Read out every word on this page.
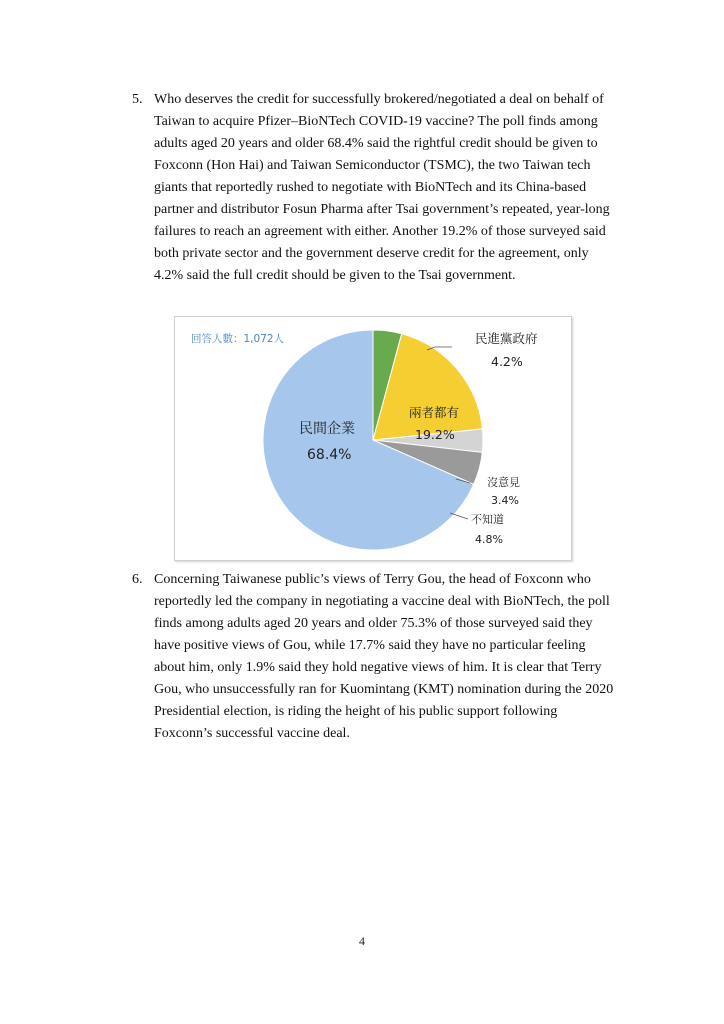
5. Who deserves the credit for successfully brokered/negotiated a deal on behalf of Taiwan to acquire Pfizer–BioNTech COVID-19 vaccine? The poll finds among adults aged 20 years and older 68.4% said the rightful credit should be given to Foxconn (Hon Hai) and Taiwan Semiconductor (TSMC), the two Taiwan tech giants that reportedly rushed to negotiate with BioNTech and its China-based partner and distributor Fosun Pharma after Tsai government’s repeated, year-long failures to reach an agreement with either. Another 19.2% of those surveyed said both private sector and the government deserve credit for the agreement, only 4.2% said the full credit should be given to the Tsai government.
回答人數：1,072人	民進黨政府
4.2%
兩者都有
19.2%
沒意見
3.4%
不知道
4.8%
民間企業
68.4%
6. Concerning Taiwanese public’s views of Terry Gou, the head of Foxconn who reportedly led the company in negotiating a vaccine deal with BioNTech, the poll finds among adults aged 20 years and older 75.3% of those surveyed said they have positive views of Gou, while 17.7% said they have no particular feeling about him, only 1.9% said they hold negative views of him. It is clear that Terry Gou, who unsuccessfully ran for Kuomintang (KMT) nomination during the 2020 Presidential election, is riding the height of his public support following Foxconn’s successful vaccine deal.
4
